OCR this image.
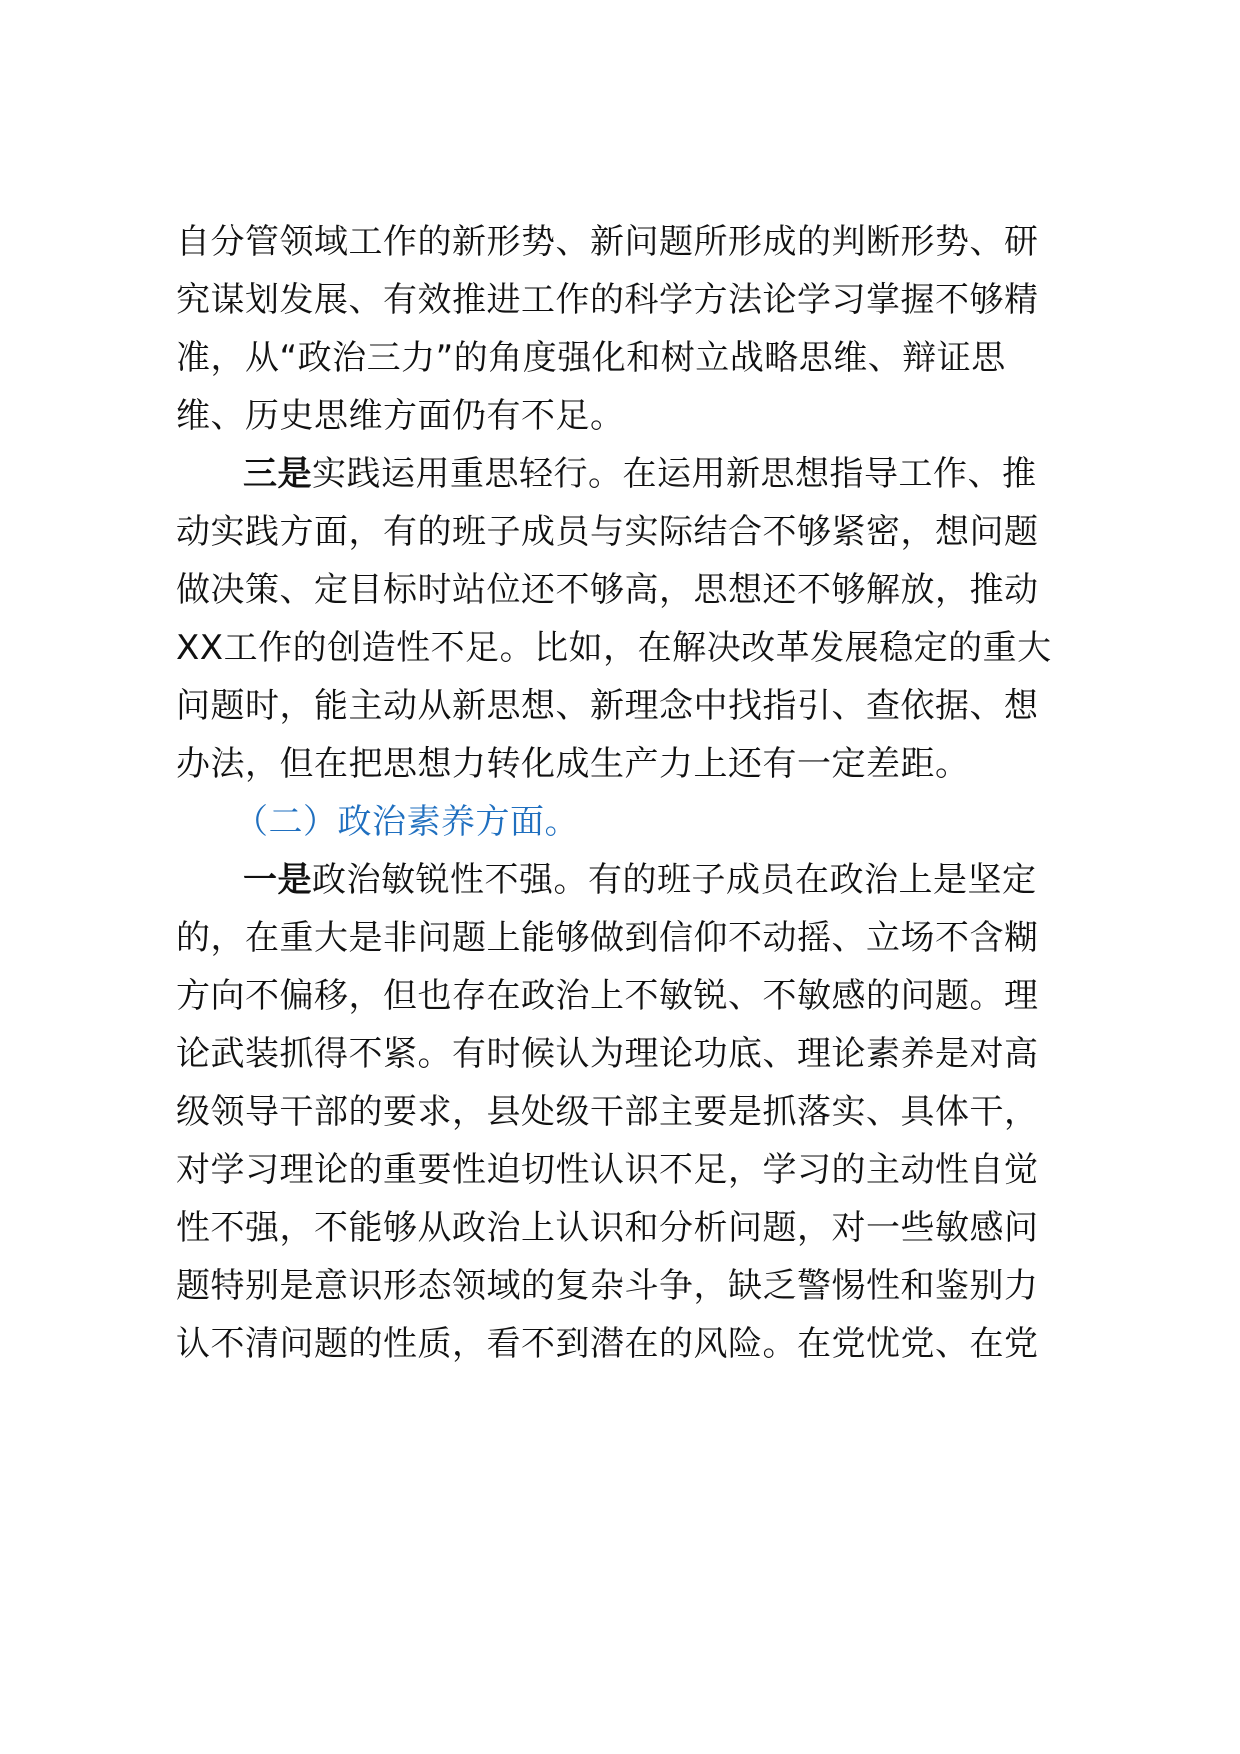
自分管领域工作的新形势、新问题所形成的判断形势、研
究谋划发展、有效推进工作的科学方法论学习掌握不够精
准，从“政治三力”的角度强化和树立战略思维、辩证思
维、历史思维方面仍有不足。
三是实践运用重思轻行。在运用新思想指导工作、推
动实践方面，有的班子成员与实际结合不够紧密，想问题
做决策、定目标时站位还不够高，思想还不够解放，推动
XX工作的创造性不足。比如，在解决改革发展稳定的重大
问题时，能主动从新思想、新理念中找指引、查依据、想
办法，但在把思想力转化成生产力上还有一定差距。
（二）政治素养方面。
一是政治敏锐性不强。有的班子成员在政治上是坚定
的，在重大是非问题上能够做到信仰不动摇、立场不含糊
方向不偏移，但也存在政治上不敏锐、不敏感的问题。理
论武装抓得不紧。有时候认为理论功底、理论素养是对高
级领导干部的要求，县处级干部主要是抓落实、具体干，
对学习理论的重要性迫切性认识不足，学习的主动性自觉
性不强，不能够从政治上认识和分析问题，对一些敏感问
题特别是意识形态领域的复杂斗争，缺乏警惕性和鉴别力
认不清问题的性质，看不到潜在的风险。在党忧党、在党
